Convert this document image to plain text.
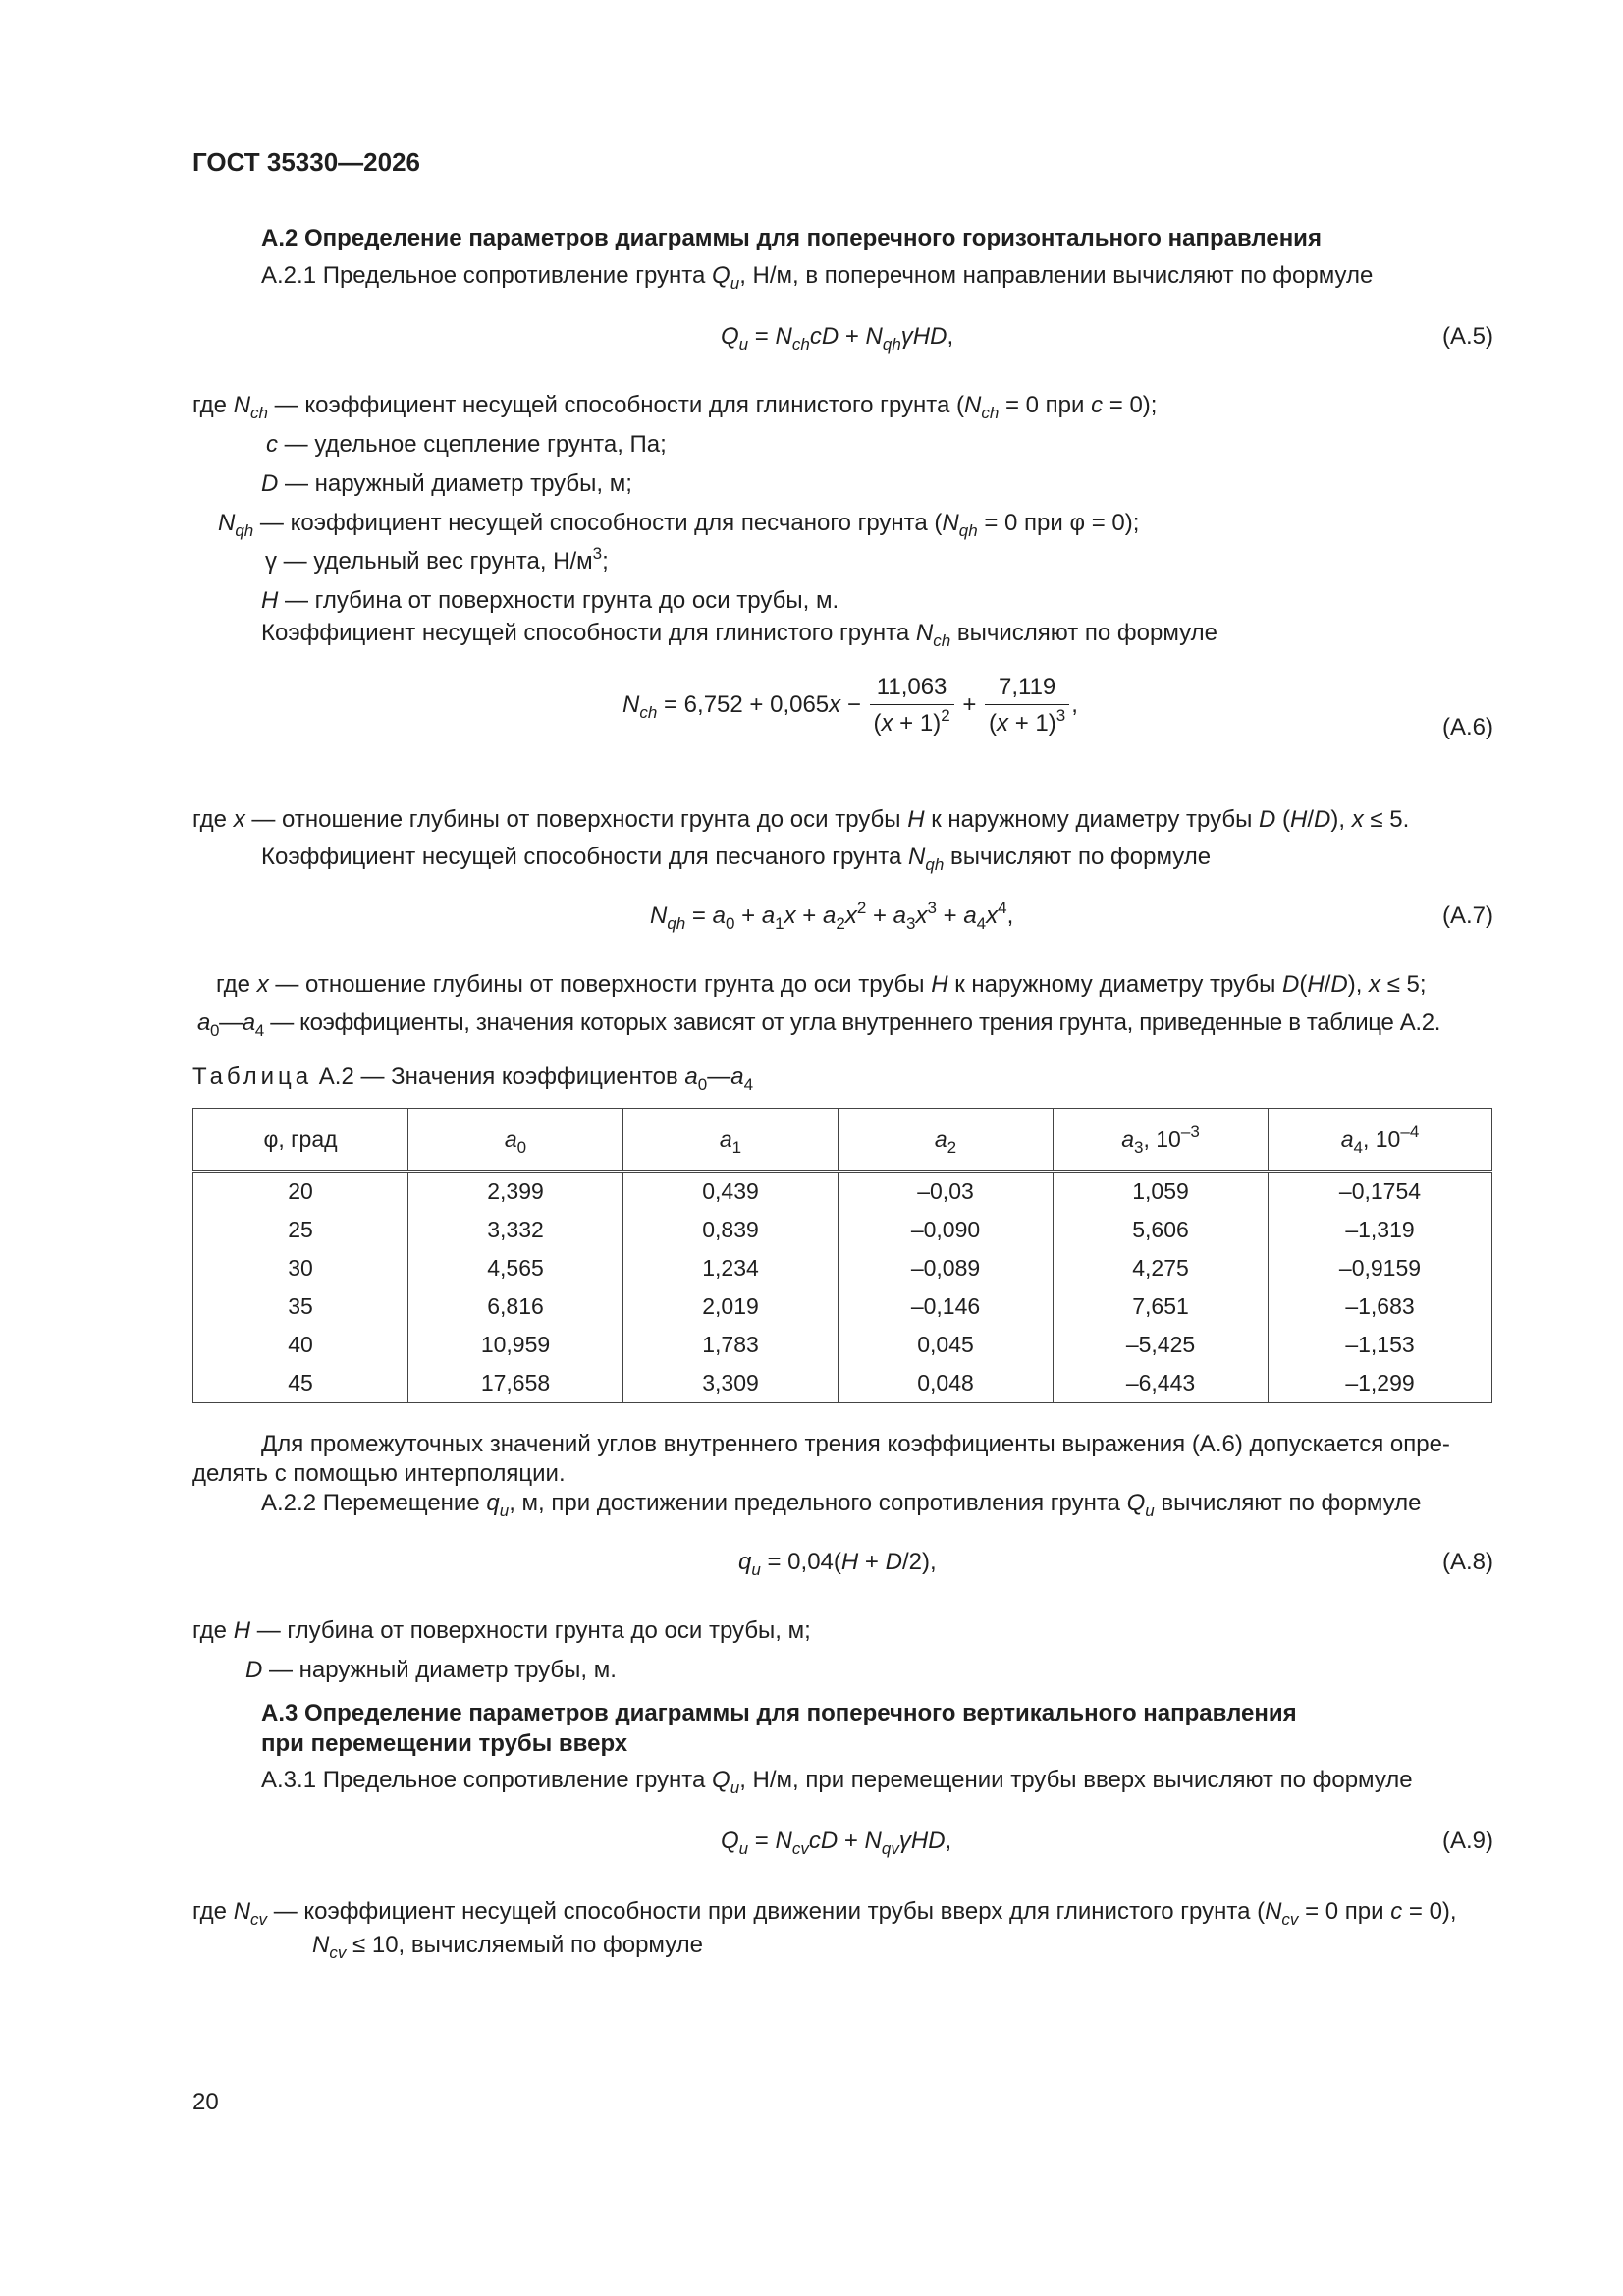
ГОСТ 35330—2026
А.2 Определение параметров диаграммы для поперечного горизонтального направления
А.2.1 Предельное сопротивление грунта $Q_u$, Н/м, в поперечном направлении вычисляют по формуле
$Q_u = N_{ch}cD + N_{qh}\gamma HD$,	(А.5)
где $N_{ch}$ — коэффициент несущей способности для глинистого грунта ($N_{ch} = 0$ при c = 0);
c — удельное сцепление грунта, Па;
D — наружный диаметр трубы, м;
$N_{qh}$ — коэффициент несущей способности для песчаного грунта ($N_{qh} = 0$ при φ = 0);
γ — удельный вес грунта, $Н/м^3$;
H — глубина от поверхности грунта до оси трубы, м.
Коэффициент несущей способности для глинистого грунта $N_{ch}$ вычисляют по формуле
$N_{ch} = 6,752 + 0,065x - \frac{11,063}{(x + 1)^2} + \frac{7,119}{(x + 1)^3}$ ,
(А.6)
где x — отношение глубины от поверхности грунта до оси трубы H к наружному диаметру трубы D (H/D), x ≤ 5.
Коэффициент несущей способности для песчаного грунта $N_{qh}$ вычисляют по формуле
$N_{qh} = a_0 + a_1x + a_2x^2 + a_3x^3 + a_4x^4$,	(А.7)
где x — отношение глубины от поверхности грунта до оси трубы H к наружному диаметру трубы D(H/D), x ≤ 5;
$a_0—a_4$ — коэффициенты, значения которых зависят от угла внутреннего трения грунта, приведенные в таблице А.2.
Таблица А.2 — Значения коэффициентов $a_0—a_4$
φ, град	$a_0$	$a_1$	$a_2$	$a_3$, $10^{-3}$	$a_4$, $10^{-4}$
20	2,399	0,439	–0,03	1,059	–0,1754
25	3,332	0,839	–0,090	5,606	–1,319
30	4,565	1,234	–0,089	4,275	–0,9159
35	6,816	2,019	–0,146	7,651	–1,683
40	10,959	1,783	0,045	–5,425	–1,153
45	17,658	3,309	0,048	–6,443	–1,299
Для промежуточных значений углов внутреннего трения коэффициенты выражения (А.6) допускается опре-
делять с помощью интерполяции.
А.2.2 Перемещение $q_u$, м, при достижении предельного сопротивления грунта $Q_u$ вычисляют по формуле
$q_u = 0,04(H + D/2)$,	(А.8)
где H — глубина от поверхности грунта до оси трубы, м;
D — наружный диаметр трубы, м.
А.3 Определение параметров диаграммы для поперечного вертикального направления
при перемещении трубы вверх
А.3.1 Предельное сопротивление грунта $Q_u$, Н/м, при перемещении трубы вверх вычисляют по формуле
$Q_u = N_{cv}cD + N_{qv}\gamma HD$,	(А.9)
где $N_{cv}$ — коэффициент несущей способности при движении трубы вверх для глинистого грунта ($N_{cv} = 0$ при c = 0),
$N_{cv} \le 10$, вычисляемый по формуле
20
